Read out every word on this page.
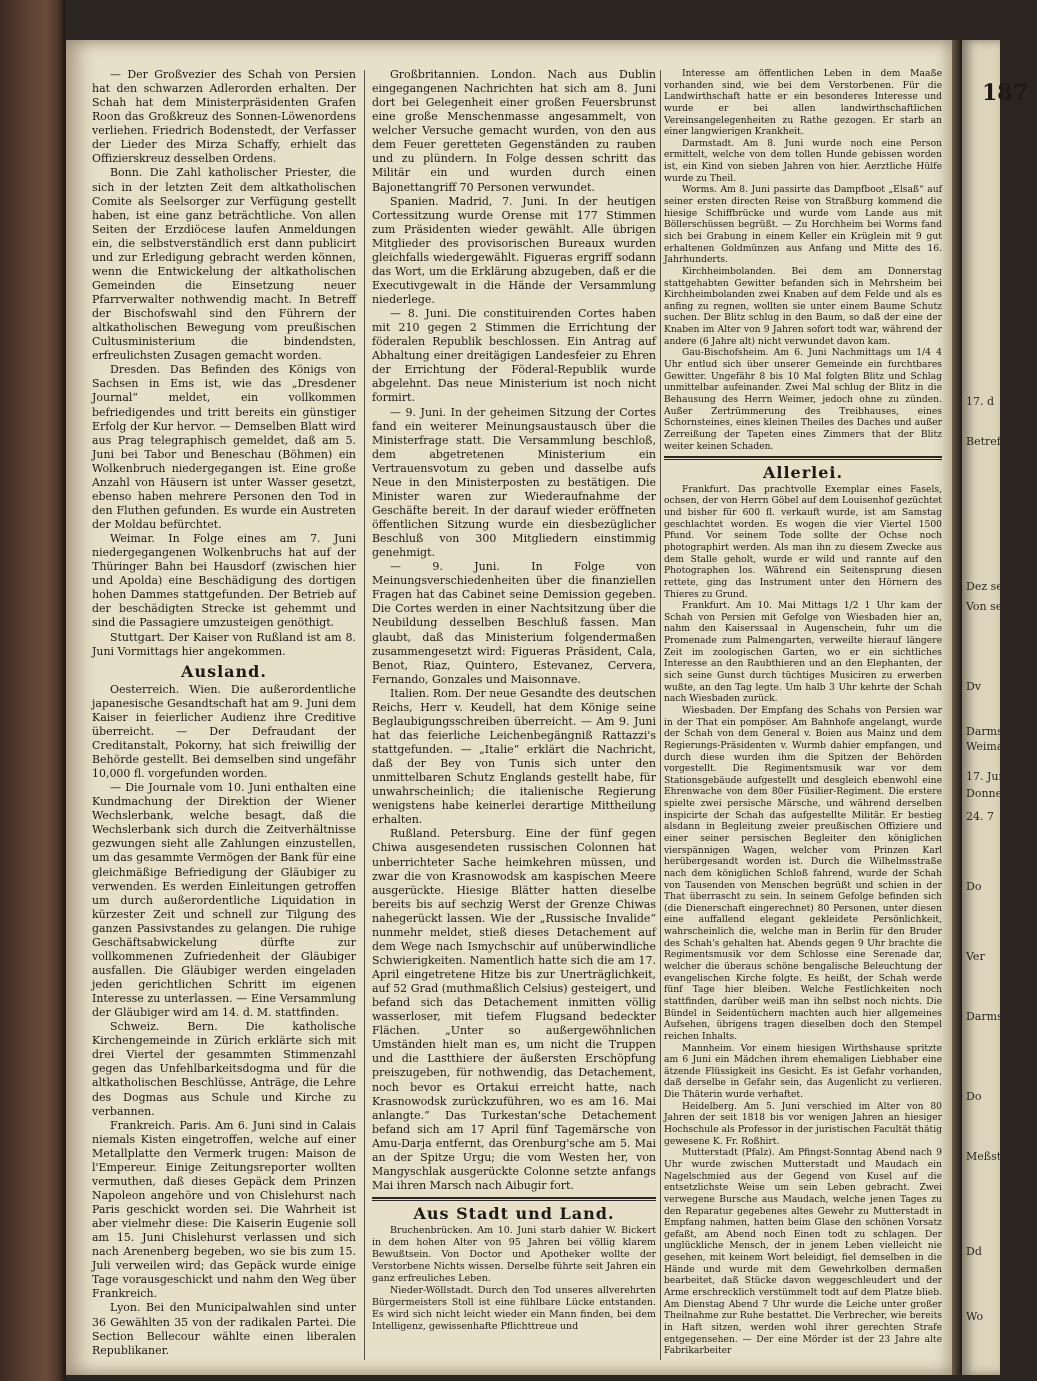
187
17. d
Betreff
Dez seit
Von seit
Dv
Darmstädter
Weimar
17. Juni
Donnerst
24. 7
Do
Ver
Darmstädt
Do
Meßstadt
Dd
Wo

— Der Großvezier des Schah von Persien hat den schwarzen Adlerorden erhalten. Der Schah hat dem Ministerpräsidenten Grafen Roon das Großkreuz des Sonnen-Löwenordens verliehen. Friedrich Bodenstedt, der Verfasser der Lieder des Mirza Schaffy, erhielt das Offizierskreuz desselben Ordens.

Bonn. Die Zahl katholischer Priester, die sich in der letzten Zeit dem altkatholischen Comite als Seelsorger zur Verfügung gestellt haben, ist eine ganz beträchtliche. Von allen Seiten der Erzdiöcese laufen Anmeldungen ein, die selbstverständlich erst dann publicirt und zur Erledigung gebracht werden können, wenn die Entwickelung der altkatholischen Gemeinden die Einsetzung neuer Pfarrverwalter nothwendig macht. In Betreff der Bischofswahl sind den Führern der altkatholischen Bewegung vom preußischen Cultusministerium die bindendsten, erfreulichsten Zusagen gemacht worden.

Dresden. Das Befinden des Königs von Sachsen in Ems ist, wie das „Dresdener Journal“ meldet, ein vollkommen befriedigendes und tritt bereits ein günstiger Erfolg der Kur hervor. — Demselben Blatt wird aus Prag telegraphisch gemeldet, daß am 5. Juni bei Tabor und Beneschau (Böhmen) ein Wolkenbruch niedergegangen ist. Eine große Anzahl von Häusern ist unter Wasser gesetzt, ebenso haben mehrere Personen den Tod in den Fluthen gefunden. Es wurde ein Austreten der Moldau befürchtet.

Weimar. In Folge eines am 7. Juni niedergegangenen Wolkenbruchs hat auf der Thüringer Bahn bei Hausdorf (zwischen hier und Apolda) eine Beschädigung des dortigen hohen Dammes stattgefunden. Der Betrieb auf der beschädigten Strecke ist gehemmt und sind die Passagiere umzusteigen genöthigt.

Stuttgart. Der Kaiser von Rußland ist am 8. Juni Vormittags hier angekommen.

Ausland.

Oesterreich. Wien. Die außerordentliche japanesische Gesandtschaft hat am 9. Juni dem Kaiser in feierlicher Audienz ihre Creditive überreicht. — Der Defraudant der Creditanstalt, Pokorny, hat sich freiwillig der Behörde gestellt. Bei demselben sind ungefähr 10,000 fl. vorgefunden worden.

— Die Journale vom 10. Juni enthalten eine Kundmachung der Direktion der Wiener Wechslerbank, welche besagt, daß die Wechslerbank sich durch die Zeitverhältnisse gezwungen sieht alle Zahlungen einzustellen, um das gesammte Vermögen der Bank für eine gleichmäßige Befriedigung der Gläubiger zu verwenden. Es werden Einleitungen getroffen um durch außerordentliche Liquidation in kürzester Zeit und schnell zur Tilgung des ganzen Passivstandes zu gelangen. Die ruhige Geschäftsabwickelung dürfte zur vollkommenen Zufriedenheit der Gläubiger ausfallen. Die Gläubiger werden eingeladen jeden gerichtlichen Schritt im eigenen Interesse zu unterlassen. — Eine Versammlung der Gläubiger wird am 14. d. M. stattfinden.

Schweiz. Bern. Die katholische Kirchengemeinde in Zürich erklärte sich mit drei Viertel der gesammten Stimmenzahl gegen das Unfehlbarkeitsdogma und für die altkatholischen Beschlüsse, Anträge, die Lehre des Dogmas aus Schule und Kirche zu verbannen.

Frankreich. Paris. Am 6. Juni sind in Calais niemals Kisten eingetroffen, welche auf einer Metallplatte den Vermerk trugen: Maison de l'Empereur. Einige Zeitungsreporter wollten vermuthen, daß dieses Gepäck dem Prinzen Napoleon angehöre und von Chislehurst nach Paris geschickt worden sei. Die Wahrheit ist aber vielmehr diese: Die Kaiserin Eugenie soll am 15. Juni Chislehurst verlassen und sich nach Arenenberg begeben, wo sie bis zum 15. Juli verweilen wird; das Gepäck wurde einige Tage vorausgeschickt und nahm den Weg über Frankreich.

Lyon. Bei den Municipalwahlen sind unter 36 Gewählten 35 von der radikalen Partei. Die Section Bellecour wählte einen liberalen Republikaner.

Großbritannien. London. Nach aus Dublin eingegangenen Nachrichten hat sich am 8. Juni dort bei Gelegenheit einer großen Feuersbrunst eine große Menschenmasse angesammelt, von welcher Versuche gemacht wurden, von den aus dem Feuer geretteten Gegenständen zu rauben und zu plündern. In Folge dessen schritt das Militär ein und wurden durch einen Bajonettangriff 70 Personen verwundet.

Spanien. Madrid, 7. Juni. In der heutigen Cortessitzung wurde Orense mit 177 Stimmen zum Präsidenten wieder gewählt. Alle übrigen Mitglieder des provisorischen Bureaux wurden gleichfalls wiedergewählt. Figueras ergriff sodann das Wort, um die Erklärung abzugeben, daß er die Executivgewalt in die Hände der Versammlung niederlege.

— 8. Juni. Die constituirenden Cortes haben mit 210 gegen 2 Stimmen die Errichtung der föderalen Republik beschlossen. Ein Antrag auf Abhaltung einer dreitägigen Landesfeier zu Ehren der Errichtung der Föderal-Republik wurde abgelehnt. Das neue Ministerium ist noch nicht formirt.

— 9. Juni. In der geheimen Sitzung der Cortes fand ein weiterer Meinungsaustausch über die Ministerfrage statt. Die Versammlung beschloß, dem abgetretenen Ministerium ein Vertrauensvotum zu geben und dasselbe aufs Neue in den Ministerposten zu bestätigen. Die Minister waren zur Wiederaufnahme der Geschäfte bereit. In der darauf wieder eröffneten öffentlichen Sitzung wurde ein diesbezüglicher Beschluß von 300 Mitgliedern einstimmig genehmigt.

— 9. Juni. In Folge von Meinungsverschiedenheiten über die finanziellen Fragen hat das Cabinet seine Demission gegeben. Die Cortes werden in einer Nachtsitzung über die Neubildung desselben Beschluß fassen. Man glaubt, daß das Ministerium folgendermaßen zusammengesetzt wird: Figueras Präsident, Cala, Benot, Riaz, Quintero, Estevanez, Cervera, Fernando, Gonzales und Maisonnave.

Italien. Rom. Der neue Gesandte des deutschen Reichs, Herr v. Keudell, hat dem Könige seine Beglaubigungsschreiben überreicht. — Am 9. Juni hat das feierliche Leichenbegängniß Rattazzi's stattgefunden. — „Italie“ erklärt die Nachricht, daß der Bey von Tunis sich unter den unmittelbaren Schutz Englands gestellt habe, für unwahrscheinlich; die italienische Regierung wenigstens habe keinerlei derartige Mittheilung erhalten.

Rußland. Petersburg. Eine der fünf gegen Chiwa ausgesendeten russischen Colonnen hat unberrichteter Sache heimkehren müssen, und zwar die von Krasnowodsk am kaspischen Meere ausgerückte. Hiesige Blätter hatten dieselbe bereits bis auf sechzig Werst der Grenze Chiwas nahegerückt lassen. Wie der „Russische Invalide“ nunmehr meldet, stieß dieses Detachement auf dem Wege nach Ismychschir auf unüberwindliche Schwierigkeiten. Namentlich hatte sich die am 17. April eingetretene Hitze bis zur Unerträglichkeit, auf 52 Grad (muthmaßlich Celsius) gesteigert, und befand sich das Detachement inmitten völlig wasserloser, mit tiefem Flugsand bedeckter Flächen. „Unter so außergewöhnlichen Umständen hielt man es, um nicht die Truppen und die Lastthiere der äußersten Erschöpfung preiszugeben, für nothwendig, das Detachement, noch bevor es Ortakui erreicht hatte, nach Krasnowodsk zurückzuführen, wo es am 16. Mai anlangte.“ Das Turkestan'sche Detachement befand sich am 17 April fünf Tagemärsche von Amu-Darja entfernt, das Orenburg'sche am 5. Mai an der Spitze Urgu; die vom Westen her, von Mangyschlak ausgerückte Colonne setzte anfangs Mai ihren Marsch nach Aibugir fort.

Aus Stadt und Land.

Bruchenbrücken. Am 10. Juni starb dahier W. Bickert in dem hohen Alter von 95 Jahren bei völlig klarem Bewußtsein. Von Doctor und Apotheker wollte der Verstorbene Nichts wissen. Derselbe führte seit Jahren ein ganz erfreuliches Leben.

Nieder-Wöllstadt. Durch den Tod unseres allverehrten Bürgermeisters Stoll ist eine fühlbare Lücke entstanden. Es wird sich nicht leicht wieder ein Mann finden, bei dem Intelligenz, gewissenhafte Pflichttreue und

Interesse am öffentlichen Leben in dem Maaße vorhanden sind, wie bei dem Verstorbenen. Für die Landwirthschaft hatte er ein besonderes Interesse und wurde er bei allen landwirthschaftlichen Vereinsangelegenheiten zu Rathe gezogen. Er starb an einer langwierigen Krankheit.

Darmstadt. Am 8. Juni wurde noch eine Person ermittelt, welche von dem tollen Hunde gebissen worden ist, ein Kind von sieben Jahren von hier. Aerztliche Hülfe wurde zu Theil.

Worms. Am 8. Juni passirte das Dampfboot „Elsaß“ auf seiner ersten directen Reise von Straßburg kommend die hiesige Schiffbrücke und wurde vom Lande aus mit Böllerschüssen begrüßt. — Zu Horchheim bei Worms fand sich bei Grabung in einem Keller ein Krüglein mit 9 gut erhaltenen Goldmünzen aus Anfang und Mitte des 16. Jahrhunderts.

Kirchheimbolanden. Bei dem am Donnerstag stattgehabten Gewitter befanden sich in Mehrsheim bei Kirchheimbolanden zwei Knaben auf dem Felde und als es anfing zu regnen, wollten sie unter einem Baume Schutz suchen. Der Blitz schlug in den Baum, so daß der eine der Knaben im Alter von 9 Jahren sofort todt war, während der andere (6 Jahre alt) nicht verwundet davon kam.

Gau-Bischofsheim. Am 6. Juni Nachmittags um 1/4 4 Uhr entlud sich über unserer Gemeinde ein furchtbares Gewitter. Ungefähr 8 bis 10 Mal folgten Blitz und Schlag unmittelbar aufeinander. Zwei Mal schlug der Blitz in die Behausung des Herrn Weimer, jedoch ohne zu zünden. Außer Zertrümmerung des Treibhauses, eines Schornsteines, eines kleinen Theiles des Daches und außer Zerreißung der Tapeten eines Zimmers that der Blitz weiter keinen Schaden.

Allerlei.

Frankfurt. Das prachtvolle Exemplar eines Fasels, ochsen, der von Herrn Göbel auf dem Louisenhof gezüchtet und bisher für 600 fl. verkauft wurde, ist am Samstag geschlachtet worden. Es wogen die vier Viertel 1500 Pfund. Vor seinem Tode sollte der Ochse noch photographirt werden. Als man ihn zu diesem Zwecke aus dem Stalle geholt, wurde er wild und rannte auf den Photographen los. Während ein Seitensprung diesen rettete, ging das Instrument unter den Hörnern des Thieres zu Grund.

Frankfurt. Am 10. Mai Mittags 1/2 1 Uhr kam der Schah von Persien mit Gefolge von Wiesbaden hier an, nahm den Kaiserssaal in Augenschein, fuhr um die Promenade zum Palmengarten, verweilte hierauf längere Zeit im zoologischen Garten, wo er ein sichtliches Interesse an den Raubthieren und an den Elephanten, der sich seine Gunst durch tüchtiges Musiciren zu erwerben wußte, an den Tag legte. Um halb 3 Uhr kehrte der Schah nach Wiesbaden zurück.

Wiesbaden. Der Empfang des Schahs von Persien war in der That ein pompöser. Am Bahnhofe angelangt, wurde der Schah von dem General v. Boien aus Mainz und dem Regierungs-Präsidenten v. Wurmb dahier empfangen, und durch diese wurden ihm die Spitzen der Behörden vorgestellt. Die Regimentsmusik war vor dem Stationsgebäude aufgestellt und desgleich ebenwohl eine Ehrenwache von dem 80er Füsilier-Regiment. Die erstere spielte zwei persische Märsche, und während derselben inspicirte der Schah das aufgestellte Militär. Er bestieg alsdann in Begleitung zweier preußischen Offiziere und einer seiner persischen Begleiter den königlichen vierspännigen Wagen, welcher vom Prinzen Karl herübergesandt worden ist. Durch die Wilhelmsstraße nach dem königlichen Schloß fahrend, wurde der Schah von Tausenden von Menschen begrüßt und schien in der That überrascht zu sein. In seinem Gefolge befinden sich (die Dienerschaft eingerechnet) 80 Personen, unter diesen eine auffallend elegant gekleidete Persönlichkeit, wahrscheinlich die, welche man in Berlin für den Bruder des Schah's gehalten hat. Abends gegen 9 Uhr brachte die Regimentsmusik vor dem Schlosse eine Serenade dar, welcher die überaus schöne bengalische Beleuchtung der evangelischen Kirche folgte. Es heißt, der Schah werde fünf Tage hier bleiben. Welche Festlichkeiten noch stattfinden, darüber weiß man ihn selbst noch nichts. Die Bündel in Seidentüchern machten auch hier allgemeines Aufsehen, übrigens tragen dieselben doch den Stempel reichen Inhalts.

Mannheim. Vor einem hiesigen Wirthshause spritzte am 6 Juni ein Mädchen ihrem ehemaligen Liebhaber eine ätzende Flüssigkeit ins Gesicht. Es ist Gefahr vorhanden, daß derselbe in Gefahr sein, das Augenlicht zu verlieren. Die Thäterin wurde verhaftet.

Heidelberg. Am 5. Juni verschied im Alter von 80 Jahren der seit 1818 bis vor wenigen Jahren an hiesiger Hochschule als Professor in der juristischen Facultät thätig gewesene K. Fr. Roßhirt.

Mutterstadt (Pfalz). Am Pfingst-Sonntag Abend nach 9 Uhr wurde zwischen Mutterstadt und Maudach ein Nagelschmied aus der Gegend von Kusel auf die entsetzlichste Weise um sein Leben gebracht. Zwei verwegene Bursche aus Maudach, welche jenen Tages zu den Reparatur gegebenes altes Gewehr zu Mutterstadt in Empfang nahmen, hatten beim Glase den schönen Vorsatz gefaßt, am Abend noch Einen todt zu schlagen. Der unglückliche Mensch, der in jenem Leben vielleicht nie gesehen, mit keinem Wort beleidigt, fiel demselben in die Hände und wurde mit dem Gewehrkolben dermaßen bearbeitet, daß Stücke davon weggeschleudert und der Arme erschrecklich verstümmelt todt auf dem Platze blieb. Am Dienstag Abend 7 Uhr wurde die Leiche unter großer Theilnahme zur Ruhe bestattet. Die Verbrecher, wie bereits in Haft sitzen, werden wohl ihrer gerechten Strafe entgegensehen. — Der eine Mörder ist der 23 Jahre alte Fabrikarbeiter
